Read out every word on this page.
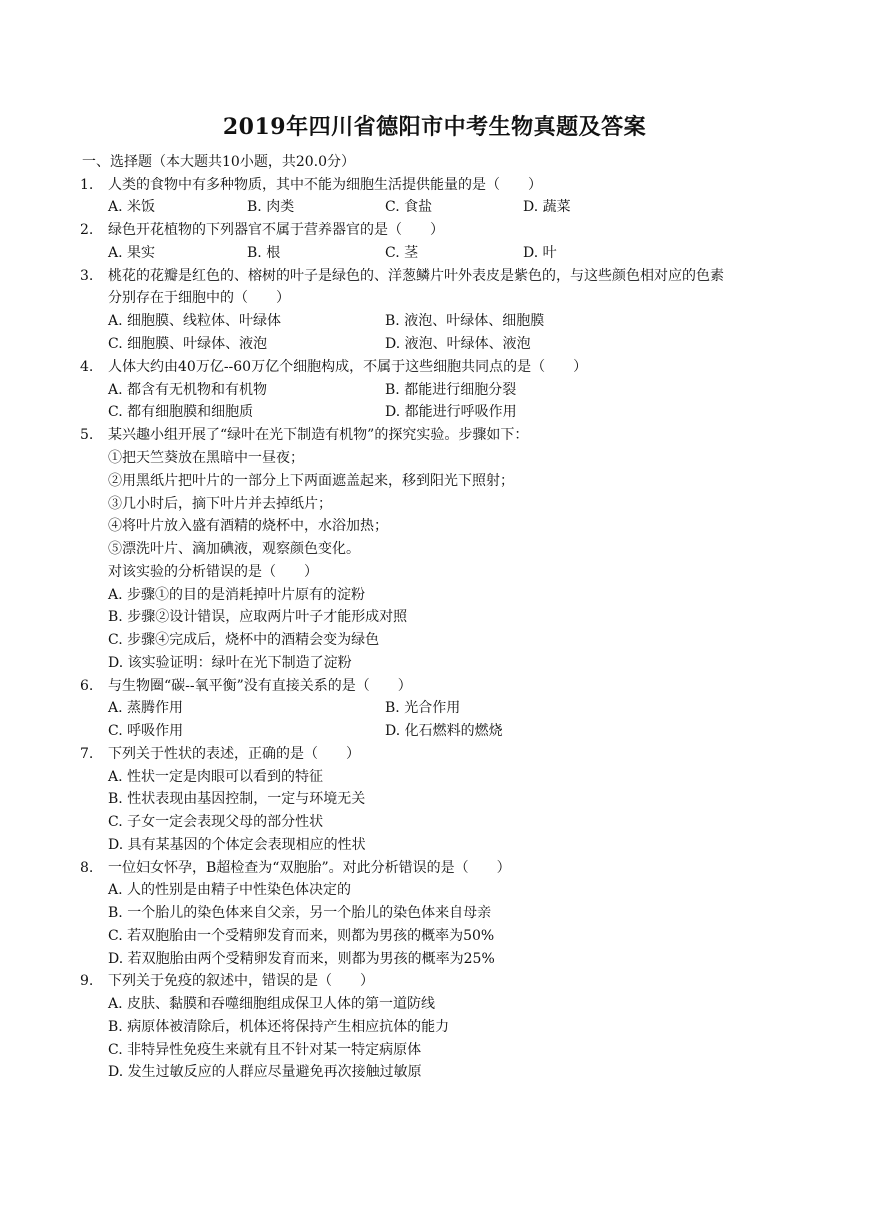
2019年四川省德阳市中考生物真题及答案
一、选择题（本大题共10小题，共20.0分）
1. 人类的食物中有多种物质，其中不能为细胞生活提供能量的是（　　）
A. 米饭	B. 肉类	C. 食盐	D. 蔬菜
2. 绿色开花植物的下列器官不属于营养器官的是（　　）
A. 果实	B. 根	C. 茎	D. 叶
3. 桃花的花瓣是红色的、榕树的叶子是绿色的、洋葱鳞片叶外表皮是紫色的，与这些颜色相对应的色素
分别存在于细胞中的（　　）
A. 细胞膜、线粒体、叶绿体	B. 液泡、叶绿体、细胞膜
C. 细胞膜、叶绿体、液泡	D. 液泡、叶绿体、液泡
4. 人体大约由40万亿--60万亿个细胞构成，不属于这些细胞共同点的是（　　）
A. 都含有无机物和有机物	B. 都能进行细胞分裂
C. 都有细胞膜和细胞质	D. 都能进行呼吸作用
5. 某兴趣小组开展了“绿叶在光下制造有机物”的探究实验。步骤如下：
①把天竺葵放在黑暗中一昼夜；
②用黑纸片把叶片的一部分上下两面遮盖起来，移到阳光下照射；
③几小时后，摘下叶片并去掉纸片；
④将叶片放入盛有酒精的烧杯中，水浴加热；
⑤漂洗叶片、滴加碘液，观察颜色变化。
对该实验的分析错误的是（　　）
A. 步骤①的目的是消耗掉叶片原有的淀粉
B. 步骤②设计错误，应取两片叶子才能形成对照
C. 步骤④完成后，烧杯中的酒精会变为绿色
D. 该实验证明：绿叶在光下制造了淀粉
6. 与生物圈“碳--氧平衡”没有直接关系的是（　　）
A. 蒸腾作用	B. 光合作用
C. 呼吸作用	D. 化石燃料的燃烧
7. 下列关于性状的表述，正确的是（　　）
A. 性状一定是肉眼可以看到的特征
B. 性状表现由基因控制，一定与环境无关
C. 子女一定会表现父母的部分性状
D. 具有某基因的个体定会表现相应的性状
8. 一位妇女怀孕，B超检查为“双胞胎”。对此分析错误的是（　　）
A. 人的性别是由精子中性染色体决定的
B. 一个胎儿的染色体来自父亲，另一个胎儿的染色体来自母亲
C. 若双胞胎由一个受精卵发育而来，则都为男孩的概率为50%
D. 若双胞胎由两个受精卵发育而来，则都为男孩的概率为25%
9. 下列关于免疫的叙述中，错误的是（　　）
A. 皮肤、黏膜和吞噬细胞组成保卫人体的第一道防线
B. 病原体被清除后，机体还将保持产生相应抗体的能力
C. 非特异性免疫生来就有且不针对某一特定病原体
D. 发生过敏反应的人群应尽量避免再次接触过敏原
